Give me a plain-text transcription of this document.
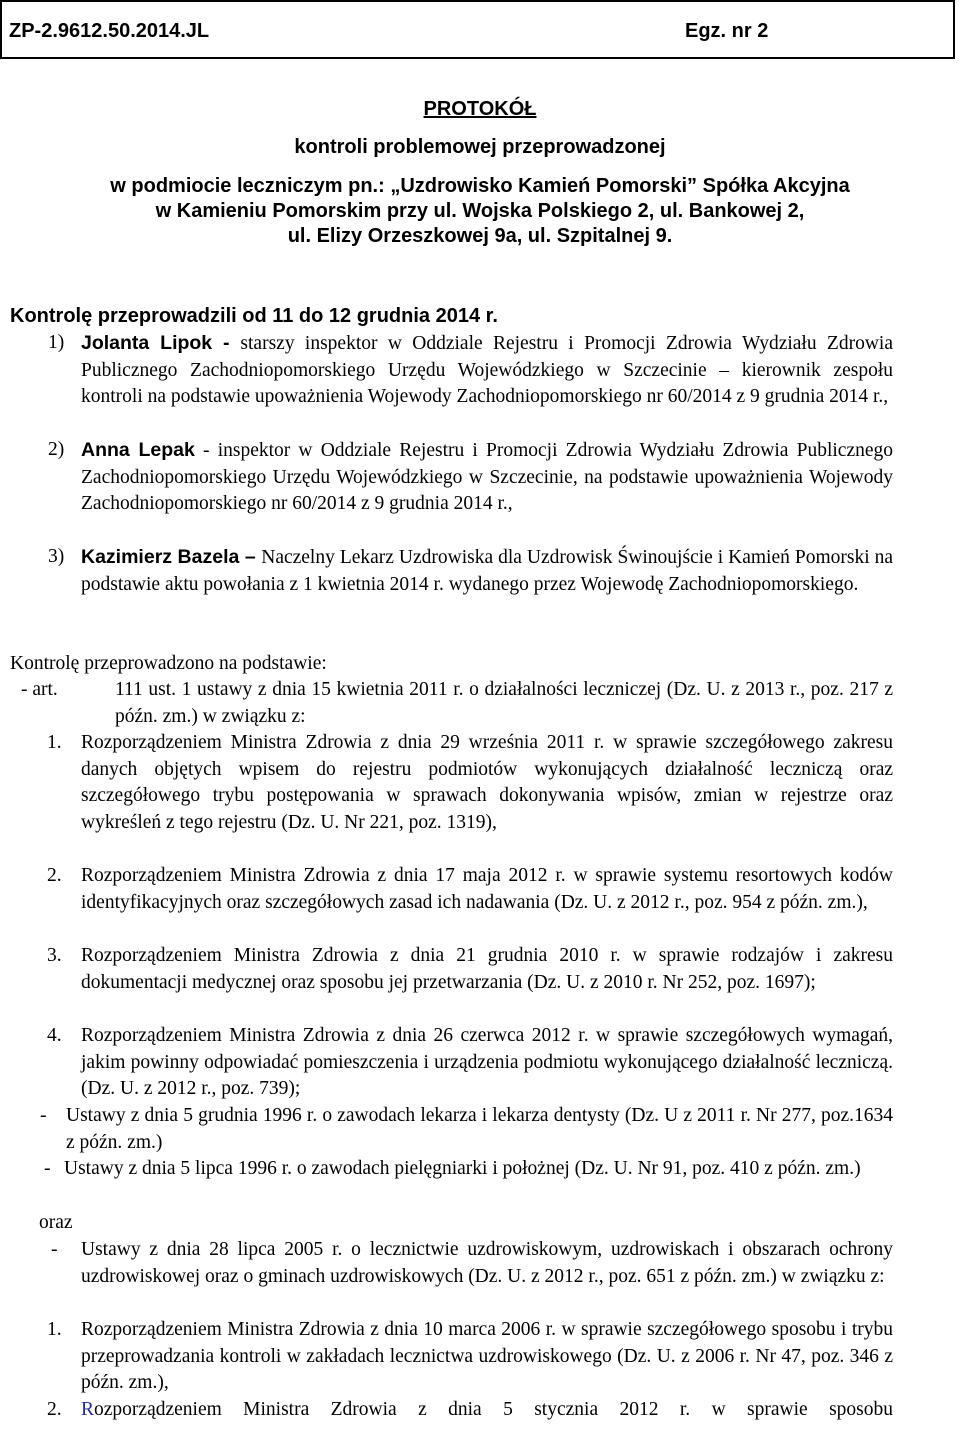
ZP-2.9612.50.2014.JL	Egz. nr 2
PROTOKÓŁ
kontroli problemowej przeprowadzonej
w podmiocie leczniczym pn.: „Uzdrowisko Kamień Pomorski” Spółka Akcyjna
w Kamieniu Pomorskim przy ul. Wojska Polskiego 2, ul. Bankowej 2,
ul. Elizy Orzeszkowej 9a, ul. Szpitalnej 9.
Kontrolę przeprowadzili od 11 do 12 grudnia 2014 r.
1) Jolanta Lipok - starszy inspektor w Oddziale Rejestru i Promocji Zdrowia Wydziału Zdrowia Publicznego Zachodniopomorskiego Urzędu Wojewódzkiego w Szczecinie – kierownik zespołu kontroli na podstawie upoważnienia Wojewody Zachodniopomorskiego nr 60/2014 z 9 grudnia 2014 r.,
2) Anna Lepak - inspektor w Oddziale Rejestru i Promocji Zdrowia Wydziału Zdrowia Publicznego Zachodniopomorskiego Urzędu Wojewódzkiego w Szczecinie, na podstawie upoważnienia Wojewody Zachodniopomorskiego nr 60/2014 z 9 grudnia 2014 r.,
3) Kazimierz Bazela – Naczelny Lekarz Uzdrowiska dla Uzdrowisk Świnoujście i Kamień Pomorski na podstawie aktu powołania z 1 kwietnia 2014 r. wydanego przez Wojewodę Zachodniopomorskiego.
Kontrolę przeprowadzono na podstawie:
- art.	111 ust. 1 ustawy z dnia 15 kwietnia 2011 r. o działalności leczniczej (Dz. U. z 2013 r., poz. 217 z późn. zm.) w związku z:
1. Rozporządzeniem Ministra Zdrowia z dnia 29 września 2011 r. w sprawie szczegółowego zakresu danych objętych wpisem do rejestru podmiotów wykonujących działalność leczniczą oraz szczegółowego trybu postępowania w sprawach dokonywania wpisów, zmian w rejestrze oraz wykreśleń z tego rejestru (Dz. U. Nr 221, poz. 1319),
2. Rozporządzeniem Ministra Zdrowia z dnia 17 maja 2012 r. w sprawie systemu resortowych kodów identyfikacyjnych oraz szczegółowych zasad ich nadawania (Dz. U. z 2012 r., poz. 954 z późn. zm.),
3. Rozporządzeniem Ministra Zdrowia z dnia 21 grudnia 2010 r. w sprawie rodzajów i zakresu dokumentacji medycznej oraz sposobu jej przetwarzania (Dz. U. z 2010 r. Nr 252, poz. 1697);
4. Rozporządzeniem Ministra Zdrowia z dnia 26 czerwca 2012 r. w sprawie szczegółowych wymagań, jakim powinny odpowiadać pomieszczenia i urządzenia podmiotu wykonującego działalność leczniczą. (Dz. U. z 2012 r., poz. 739);
- Ustawy z dnia 5 grudnia 1996 r. o zawodach lekarza i lekarza dentysty (Dz. U z 2011 r. Nr 277, poz.1634 z późn. zm.)
- Ustawy z dnia 5 lipca 1996 r. o zawodach pielęgniarki i położnej (Dz. U. Nr 91, poz. 410 z późn. zm.)
oraz
- Ustawy z dnia 28 lipca 2005 r. o lecznictwie uzdrowiskowym, uzdrowiskach i obszarach ochrony uzdrowiskowej oraz o gminach uzdrowiskowych (Dz. U. z 2012 r., poz. 651 z późn. zm.) w związku z:
1. Rozporządzeniem Ministra Zdrowia z dnia 10 marca 2006 r. w sprawie szczegółowego sposobu i trybu przeprowadzania kontroli w zakładach lecznictwa uzdrowiskowego (Dz. U. z 2006 r. Nr 47, poz. 346 z późn. zm.),
2. Rozporządzeniem Ministra Zdrowia z dnia 5 stycznia 2012 r. w sprawie sposobu
